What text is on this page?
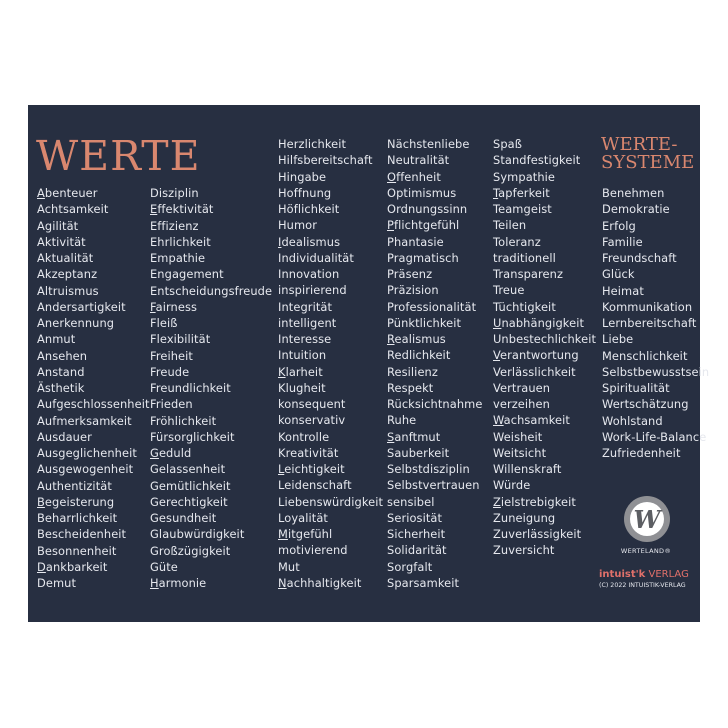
WERTE	WERTE-
SYSTEME
Abenteuer
Achtsamkeit
Agilität
Aktivität
Aktualität
Akzeptanz
Altruismus
Andersartigkeit
Anerkennung
Anmut
Ansehen
Anstand
Ästhetik
Aufgeschlossenheit
Aufmerksamkeit
Ausdauer
Ausgeglichenheit
Ausgewogenheit
Authentizität
Begeisterung
Beharrlichkeit
Bescheidenheit
Besonnenheit
Dankbarkeit
Demut
Disziplin
Effektivität
Effizienz
Ehrlichkeit
Empathie
Engagement
Entscheidungsfreude
Fairness
Fleiß
Flexibilität
Freiheit
Freude
Freundlichkeit
Frieden
Fröhlichkeit
Fürsorglichkeit
Geduld
Gelassenheit
Gemütlichkeit
Gerechtigkeit
Gesundheit
Glaubwürdigkeit
Großzügigkeit
Güte
Harmonie
Herzlichkeit
Hilfsbereitschaft
Hingabe
Hoffnung
Höflichkeit
Humor
Idealismus
Individualität
Innovation
inspirierend
Integrität
intelligent
Interesse
Intuition
Klarheit
Klugheit
konsequent
konservativ
Kontrolle
Kreativität
Leichtigkeit
Leidenschaft
Liebenswürdigkeit
Loyalität
Mitgefühl
motivierend
Mut
Nachhaltigkeit
Nächstenliebe
Neutralität
Offenheit
Optimismus
Ordnungssinn
Pflichtgefühl
Phantasie
Pragmatisch
Präsenz
Präzision
Professionalität
Pünktlichkeit
Realismus
Redlichkeit
Resilienz
Respekt
Rücksichtnahme
Ruhe
Sanftmut
Sauberkeit
Selbstdisziplin
Selbstvertrauen
sensibel
Seriosität
Sicherheit
Solidarität
Sorgfalt
Sparsamkeit
Spaß
Standfestigkeit
Sympathie
Tapferkeit
Teamgeist
Teilen
Toleranz
traditionell
Transparenz
Treue
Tüchtigkeit
Unabhängigkeit
Unbestechlichkeit
Verantwortung
Verlässlichkeit
Vertrauen
verzeihen
Wachsamkeit
Weisheit
Weitsicht
Willenskraft
Würde
Zielstrebigkeit
Zuneigung
Zuverlässigkeit
Zuversicht
Benehmen
Demokratie
Erfolg
Familie
Freundschaft
Glück
Heimat
Kommunikation
Lernbereitschaft
Liebe
Menschlichkeit
Selbstbewusstsein
Spiritualität
Wertschätzung
Wohlstand
Work-Life-Balance
Zufriedenheit
W
WERTELAND®
intuist'k VERLAG
(C) 2022 INTUISTIK-VERLAG
